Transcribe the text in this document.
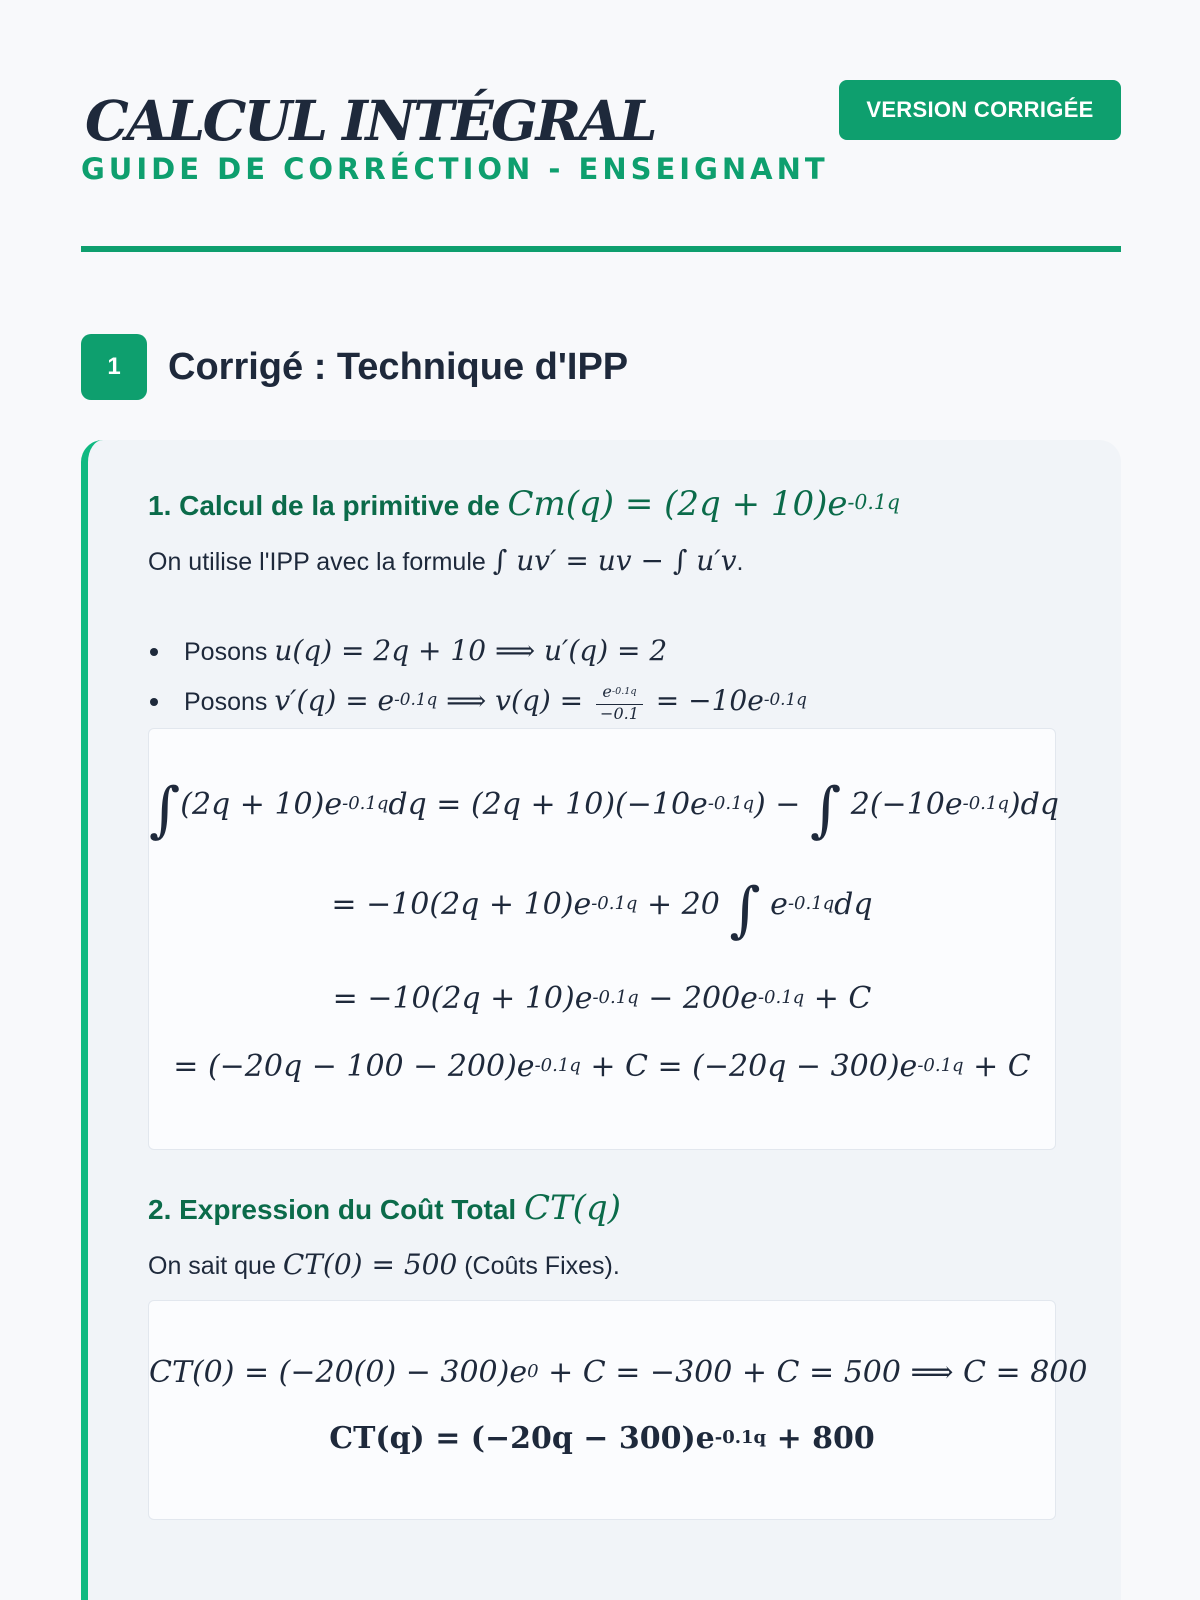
CALCUL INTÉGRAL
GUIDE DE CORRÉCTION - ENSEIGNANT
VERSION CORRIGÉE
1	Corrigé : Technique d'IPP
1. Calcul de la primitive de $Cm(q) = (2q + 10)e^{-0.1q}$
On utilise l'IPP avec la formule ∫ uv′ = uv − ∫ u′v.
Posons u(q) = 2q + 10 ⟹ u′(q) = 2
Posons $v'(q) = e^{-0.1q}$ ⟹ $v(q) = \frac{e^{-0.1q}}{-0.1} = -10e^{-0.1q}$
$\int(2q + 10)e^{-0.1q}dq = (2q + 10)(-10e^{-0.1q})$ − ∫ $2(-10e^{-0.1q})dq$
= $-10(2q + 10)e^{-0.1q} + 20$ ∫ $e^{-0.1q}dq$
= $-10(2q + 10)e^{-0.1q} - 200e^{-0.1q} + C$
= $(-20q - 100 - 200)e^{-0.1q} + C = (-20q - 300)e^{-0.1q} + C$
2. Expression du Coût Total CT(q)
On sait que CT(0) = 500 (Coûts Fixes).
$CT(0) = (-20(0) - 300)e^0 + C = -300 + C = 500$ ⟹ C = 800
$CT(q) = (-20q - 300)e^{-0.1q} + 800$
